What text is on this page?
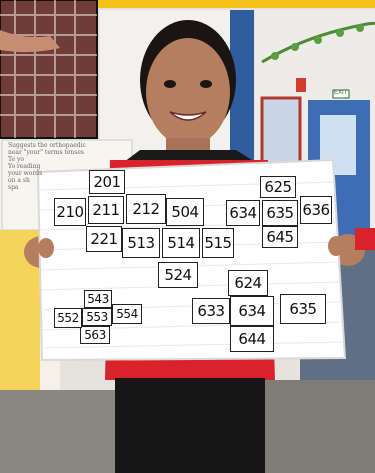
EXIT
Suggests the orthopaedic
near "your" terms tenses
Te yo
Yo reading
your words
on a sh
spa	201
211
221
210	212 504
514
524
513	515
625
635
645
634	636
543
553
563
552	554
624
634
644
633	635
